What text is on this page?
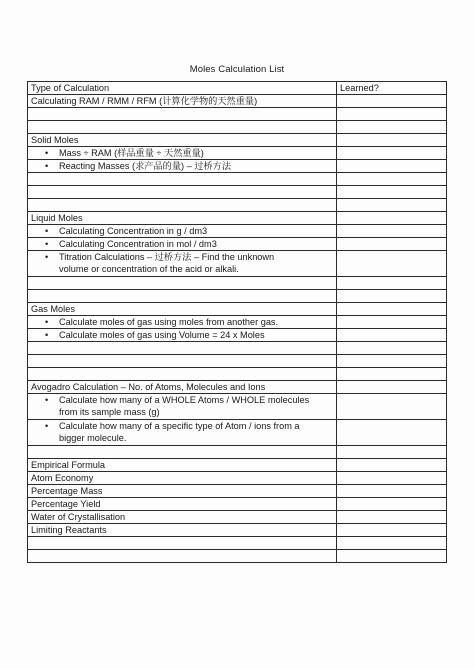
Moles Calculation List
Type of Calculation	Learned?

Calculating RAM / RMM / RFM (计算化学物的天然重量)	

Solid Moles	

• Mass ÷ RAM (样品重量 ÷ 天然重量)

• Reacting Masses (求产品的量) – 过桥方法

Liquid Moles	

• Calculating Concentration in g / dm3

• Calculating Concentration in mol / dm3

• Titration Calculations – 过桥方法 – Find the unknown
volume or concentration of the acid or alkali.

Gas Moles	

• Calculate moles of gas using moles from another gas.

• Calculate moles of gas using Volume = 24 x Moles

Avogadro Calculation – No. of Atoms, Molecules and Ions	

• Calculate how many of a WHOLE Atoms / WHOLE molecules
from its sample mass (g)

• Calculate how many of a specific type of Atom / ions from a
bigger molecule.

Empirical Formula	

Atom Economy	

Percentage Mass	

Percentage Yield	

Water of Crystallisation	

Limiting Reactants	
